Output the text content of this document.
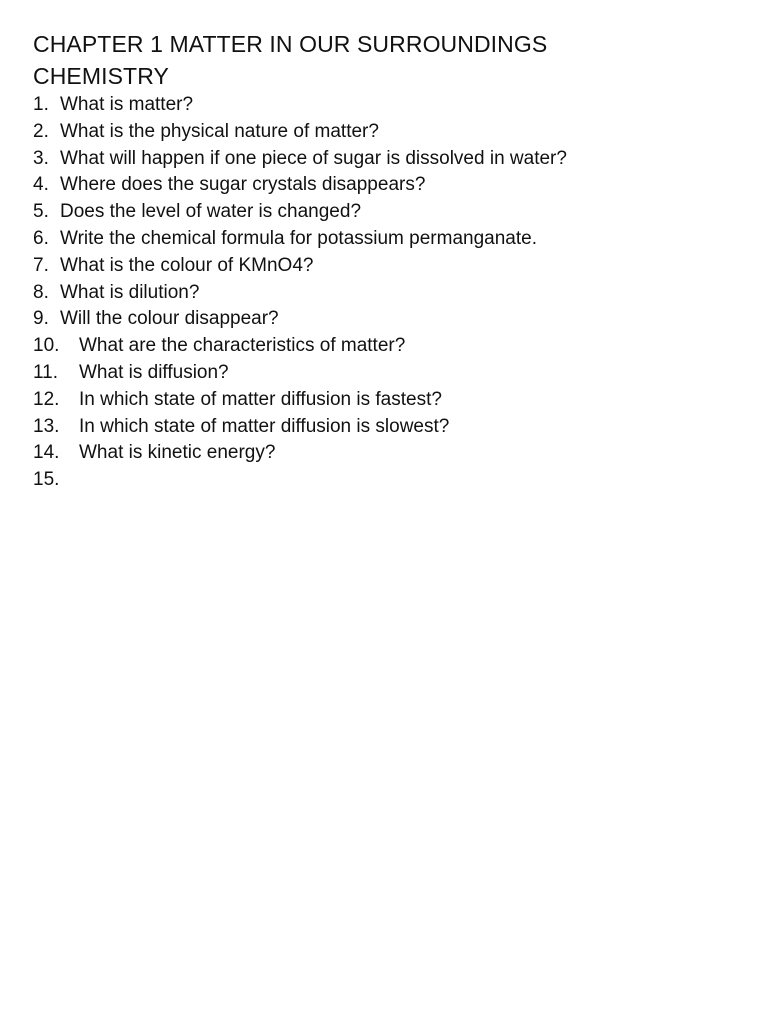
CHAPTER 1 MATTER IN OUR SURROUNDINGS
CHEMISTRY
1. What is matter?
2. What is the physical nature of matter?
3. What will happen if one piece of sugar is dissolved in water?
4. Where does the sugar crystals disappears?
5. Does the level of water is changed?
6. Write the chemical formula for potassium permanganate.
7. What is the colour of KMnO4?
8. What is dilution?
9. Will the colour disappear?
10.	What are the characteristics of matter?
11.	What is diffusion?
12.	In which state of matter diffusion is fastest?
13.	In which state of matter diffusion is slowest?
14.	What is kinetic energy?
15.
